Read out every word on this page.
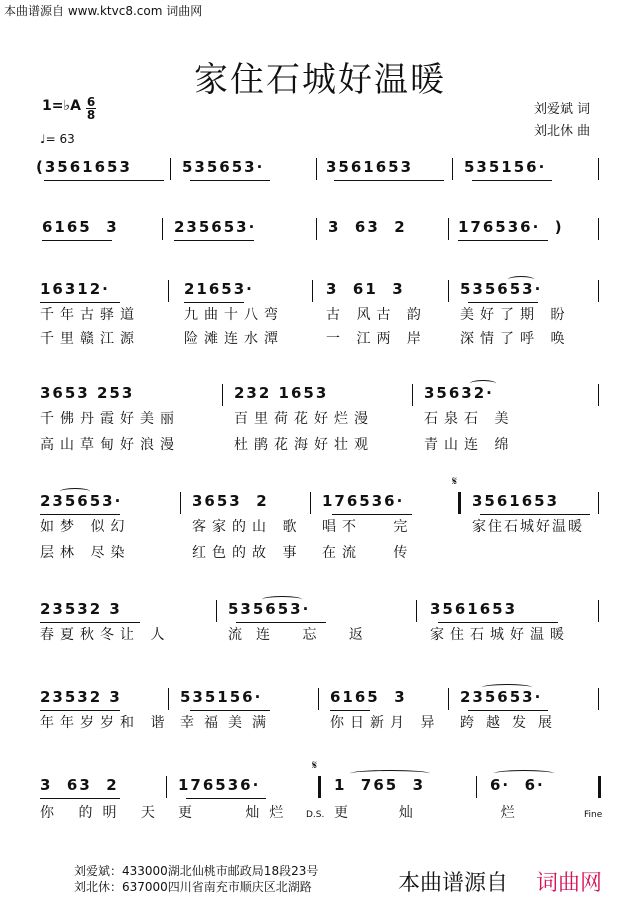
本曲谱源自 www.ktvc8.com 词曲网
家住石城好温暖
1=♭A 6
8
♩= 63
刘爱斌 词
刘北休 曲
(3561653	535653·	3561653	535156·
6165  3	235653·	3  63  2	176536·  )
16312·	21653·	3  61  3	535653·
千年古驿道	九曲十八弯	古 风古 韵 美好了期 盼
千里赣江源	险滩连水潭	一 江两 岸 深情了呼 唤
3653 253	232 1653	35632·
千佛丹霞好美丽	百里荷花好烂漫	石泉石 美
高山草甸好浪漫	杜鹃花海好壮观	青山连 绵
𝄋
235653·	3653  2	176536·	3561653
如梦 似幻	客家的山 歌 唱不   完	家住石城好温暖
层林 尽染	红色的故 事 在流   传
23532 3	535653·	3561653
春夏秋冬让 人	流连 忘 返	家住石城好温暖
23532 3	535156·	6165  3	235653·
年年岁岁和 谐 幸福美满	你日新月 异 跨越发展
𝄋
3  63  2	176536·	1  765  3	6·  6·
你 的明 天 更   灿烂	更  灿    烂
D.S.	Fine
刘爱斌：433000湖北仙桃市邮政局18段23号
刘北休：637000四川省南充市顺庆区北湖路	本曲谱源自 词曲网
